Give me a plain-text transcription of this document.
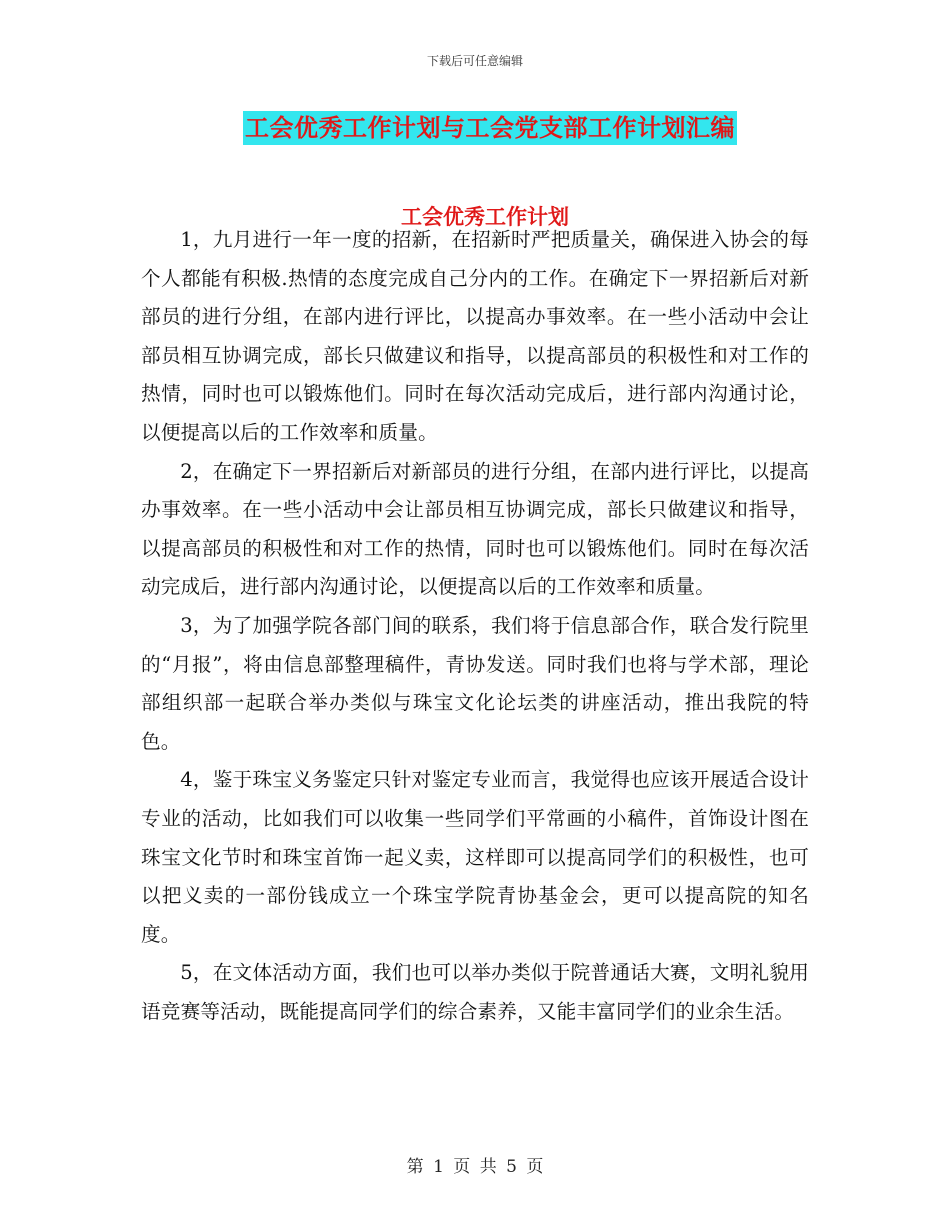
下载后可任意编辑
工会优秀工作计划与工会党支部工作计划汇编
工会优秀工作计划

1，九月进行一年一度的招新，在招新时严把质量关，确保进入协会的每个人都能有积极.热情的态度完成自己分内的工作。在确定下一界招新后对新部员的进行分组，在部内进行评比，以提高办事效率。在一些小活动中会让部员相互协调完成，部长只做建议和指导，以提高部员的积极性和对工作的热情，同时也可以锻炼他们。同时在每次活动完成后，进行部内沟通讨论，以便提高以后的工作效率和质量。

2，在确定下一界招新后对新部员的进行分组，在部内进行评比，以提高办事效率。在一些小活动中会让部员相互协调完成，部长只做建议和指导，以提高部员的积极性和对工作的热情，同时也可以锻炼他们。同时在每次活动完成后，进行部内沟通讨论，以便提高以后的工作效率和质量。

3，为了加强学院各部门间的联系，我们将于信息部合作，联合发行院里的“月报”，将由信息部整理稿件，青协发送。同时我们也将与学术部，理论部组织部一起联合举办类似与珠宝文化论坛类的讲座活动，推出我院的特色。

4，鉴于珠宝义务鉴定只针对鉴定专业而言，我觉得也应该开展适合设计专业的活动，比如我们可以收集一些同学们平常画的小稿件，首饰设计图在珠宝文化节时和珠宝首饰一起义卖，这样即可以提高同学们的积极性，也可以把义卖的一部份钱成立一个珠宝学院青协基金会，更可以提高院的知名度。

5，在文体活动方面，我们也可以举办类似于院普通话大赛，文明礼貌用语竞赛等活动，既能提高同学们的综合素养，又能丰富同学们的业余生活。

第 1 页 共 5 页
